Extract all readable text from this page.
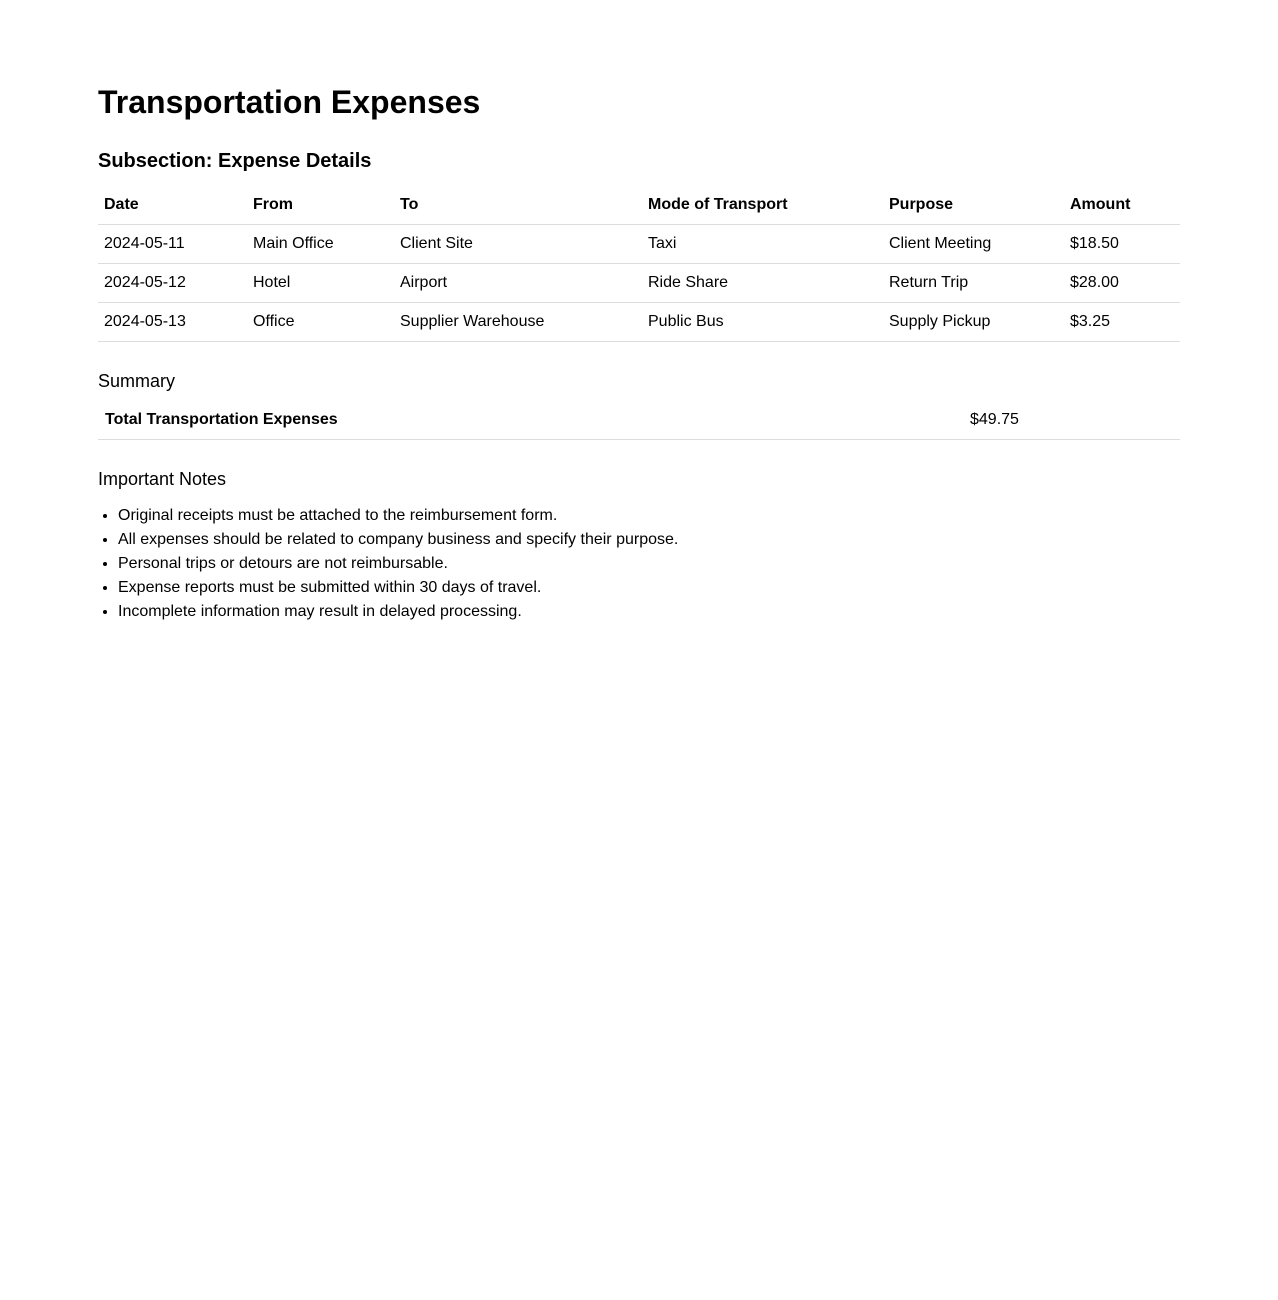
Transportation Expenses
Subsection: Expense Details
Date	From	To	Mode of Transport	Purpose	Amount
2024-05-11	Main Office	Client Site	Taxi	Client Meeting	$18.50
2024-05-12	Hotel	Airport	Ride Share	Return Trip	$28.00
2024-05-13	Office	Supplier Warehouse	Public Bus	Supply Pickup	$3.25
Summary
Total Transportation Expenses	$49.75
Important Notes
• Original receipts must be attached to the reimbursement form.
• All expenses should be related to company business and specify their purpose.
• Personal trips or detours are not reimbursable.
• Expense reports must be submitted within 30 days of travel.
• Incomplete information may result in delayed processing.
